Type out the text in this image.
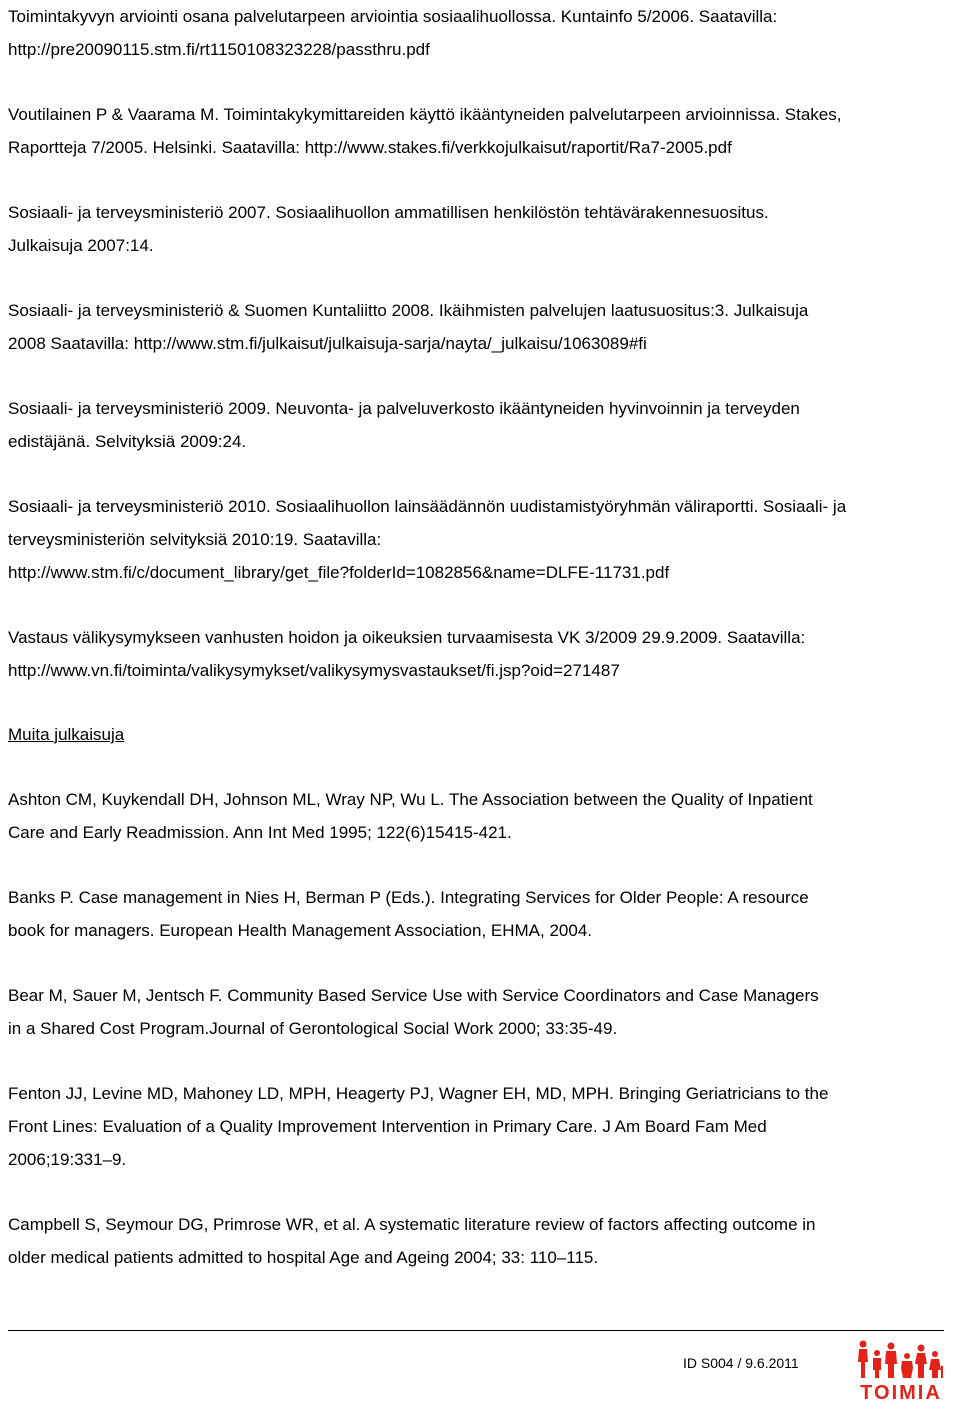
Toimintakyvyn arviointi osana palvelutarpeen arviointia sosiaalihuollossa. Kuntainfo 5/2006. Saatavilla:
http://pre20090115.stm.fi/rt1150108323228/passthru.pdf

Voutilainen P & Vaarama M. Toimintakykymittareiden käyttö ikääntyneiden palvelutarpeen arvioinnissa. Stakes,
Raportteja 7/2005. Helsinki. Saatavilla: http://www.stakes.fi/verkkojulkaisut/raportit/Ra7-2005.pdf

Sosiaali- ja terveysministeriö 2007. Sosiaalihuollon ammatillisen henkilöstön tehtävärakennesuositus.
Julkaisuja 2007:14.

Sosiaali- ja terveysministeriö & Suomen Kuntaliitto 2008. Ikäihmisten palvelujen laatusuositus:3. Julkaisuja
2008 Saatavilla: http://www.stm.fi/julkaisut/julkaisuja-sarja/nayta/_julkaisu/1063089#fi

Sosiaali- ja terveysministeriö 2009. Neuvonta- ja palveluverkosto ikääntyneiden hyvinvoinnin ja terveyden
edistäjänä. Selvityksiä 2009:24.

Sosiaali- ja terveysministeriö 2010. Sosiaalihuollon lainsäädännön uudistamistyöryhmän väliraportti. Sosiaali- ja
terveysministeriön selvityksiä 2010:19. Saatavilla:
http://www.stm.fi/c/document_library/get_file?folderId=1082856&name=DLFE-11731.pdf

Vastaus välikysymykseen vanhusten hoidon ja oikeuksien turvaamisesta VK 3/2009 29.9.2009. Saatavilla:
http://www.vn.fi/toiminta/valikysymykset/valikysymysvastaukset/fi.jsp?oid=271487

Muita julkaisuja

Ashton CM, Kuykendall DH, Johnson ML, Wray NP, Wu L. The Association between the Quality of Inpatient
Care and Early Readmission. Ann Int Med 1995; 122(6)15415-421.

Banks P. Case management in Nies H, Berman P (Eds.). Integrating Services for Older People: A resource
book for managers. European Health Management Association, EHMA, 2004.

Bear M, Sauer M, Jentsch F. Community Based Service Use with Service Coordinators and Case Managers
in a Shared Cost Program.Journal of Gerontological Social Work 2000; 33:35-49.

Fenton JJ, Levine MD, Mahoney LD, MPH, Heagerty PJ, Wagner EH, MD, MPH. Bringing Geriatricians to the
Front Lines: Evaluation of a Quality Improvement Intervention in Primary Care. J Am Board Fam Med
2006;19:331–9.

Campbell S, Seymour DG, Primrose WR, et al. A systematic literature review of factors affecting outcome in
older medical patients admitted to hospital Age and Ageing 2004; 33: 110–115.

ID S004 / 9.6.2011
TOIMIA
